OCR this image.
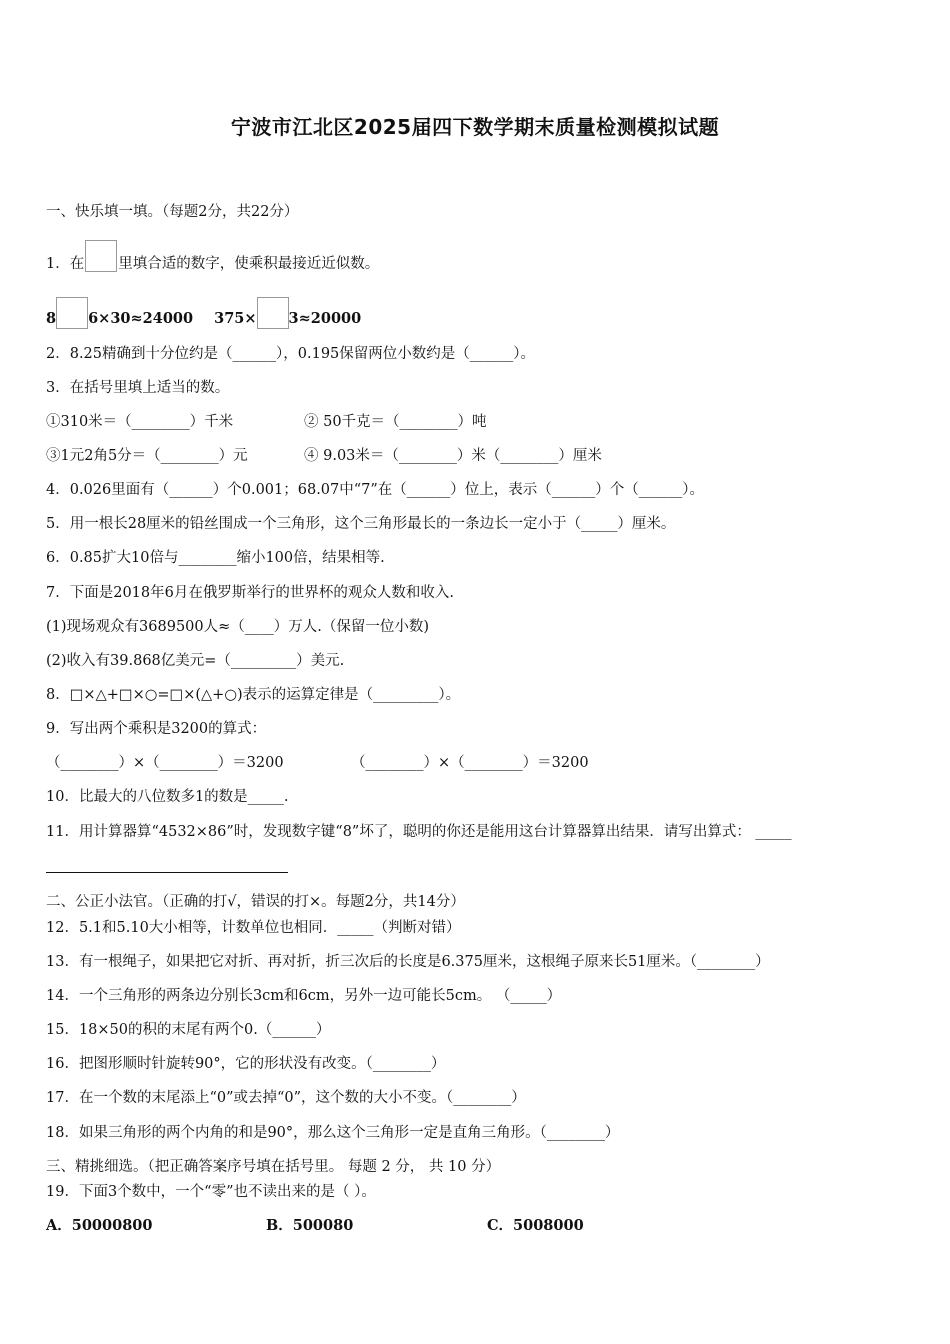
宁波市江北区2025届四下数学期末质量检测模拟试题
一、快乐填一填。（每题2分，共22分）
1．在 里填合适的数字，使乘积最接近近似数。
8 6×30≈24000 375× 3≈20000
2．8.25精确到十分位约是（______），0.195保留两位小数约是（______）。
3．在括号里填上适当的数。
①310米＝（________）千米	② 50千克＝（________）吨
③1元2角5分＝（________）元	④ 9.03米＝（________）米（________）厘米
4．0.026里面有（______）个0.001；68.07中“7”在（______）位上，表示（______）个（______）。
5．用一根长28厘米的铅丝围成一个三角形，这个三角形最长的一条边长一定小于（_____）厘米。
6．0.85扩大10倍与________缩小100倍，结果相等.
7．下面是2018年6月在俄罗斯举行的世界杯的观众人数和收入.
(1)现场观众有3689500人≈（____）万人.（保留一位小数)
(2)收入有39.868亿美元=（_________）美元.
8．□×△+□×○=□×(△+○)表示的运算定律是（_________）。
9．写出两个乘积是3200的算式：
（________）×（________）＝3200	（________）×（________）＝3200
10．比最大的八位数多1的数是_____.
11．用计算器算“4532×86”时，发现数字键“8”坏了，聪明的你还是能用这台计算器算出结果．请写出算式： _____
二、公正小法官。（正确的打√，错误的打×。每题2分，共14分）
12．5.1和5.10大小相等，计数单位也相同．_____（判断对错）
13．有一根绳子，如果把它对折、再对折，折三次后的长度是6.375厘米，这根绳子原来长51厘米。（________）
14．一个三角形的两条边分别长3cm和6cm，另外一边可能长5cm。 （_____）
15．18×50的积的末尾有两个0.（______）
16．把图形顺时针旋转90°，它的形状没有改变。（________）
17．在一个数的末尾添上“0”或去掉“0”，这个数的大小不变。（________）
18．如果三角形的两个内角的和是90°，那么这个三角形一定是直角三角形。（________）
三、精挑细选。（把正确答案序号填在括号里。 每题 2 分， 共 10 分）
19．下面3个数中，一个“零”也不读出来的是（ ）。
A．50000800	B．500080	C．5008000
